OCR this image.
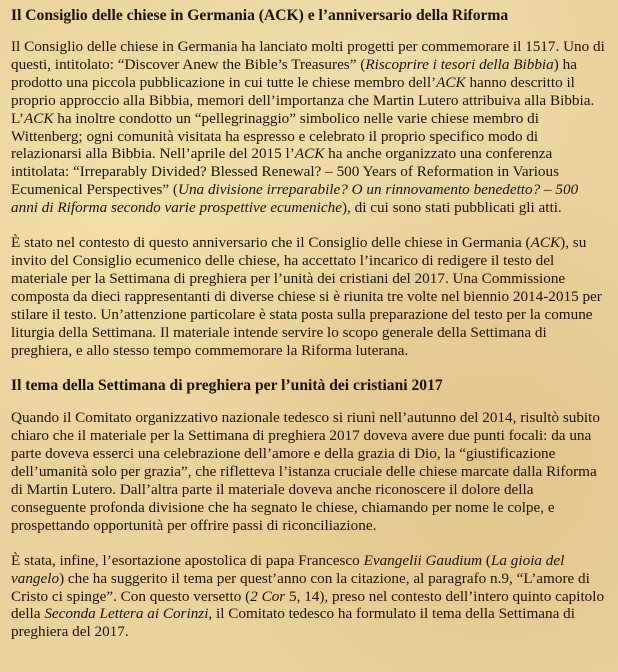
Il Consiglio delle chiese in Germania (ACK) e l’anniversario della Riforma

Il Consiglio delle chiese in Germania ha lanciato molti progetti per commemorare il 1517. Uno di questi, intitolato: “Discover Anew the Bible’s Treasures” (Riscoprire i tesori della Bibbia) ha prodotto una piccola pubblicazione in cui tutte le chiese membro dell’ACK hanno descritto il proprio approccio alla Bibbia, memori dell’importanza che Martin Lutero attribuiva alla Bibbia. L’ACK ha inoltre condotto un “pellegrinaggio” simbolico nelle varie chiese membro di Wittenberg; ogni comunità visitata ha espresso e celebrato il proprio specifico modo di relazionarsi alla Bibbia. Nell’aprile del 2015 l’ACK ha anche organizzato una conferenza intitolata: “Irreparably Divided? Blessed Renewal? – 500 Years of Reformation in Various Ecumenical Perspectives” (Una divisione irreparabile? O un rinnovamento benedetto? – 500 anni di Riforma secondo varie prospettive ecumeniche), di cui sono stati pubblicati gli atti.

È stato nel contesto di questo anniversario che il Consiglio delle chiese in Germania (ACK), su invito del Consiglio ecumenico delle chiese, ha accettato l’incarico di redigere il testo del materiale per la Settimana di preghiera per l’unità dei cristiani del 2017. Una Commissione composta da dieci rappresentanti di diverse chiese si è riunita tre volte nel biennio 2014-2015 per stilare il testo. Un’attenzione particolare è stata posta sulla preparazione del testo per la comune liturgia della Settimana. Il materiale intende servire lo scopo generale della Settimana di preghiera, e allo stesso tempo commemorare la Riforma luterana.

Il tema della Settimana di preghiera per l’unità dei cristiani 2017

Quando il Comitato organizzativo nazionale tedesco si riunì nell’autunno del 2014, risultò subito chiaro che il materiale per la Settimana di preghiera 2017 doveva avere due punti focali: da una parte doveva esserci una celebrazione dell’amore e della grazia di Dio, la “giustificazione dell’umanità solo per grazia”, che rifletteva l’istanza cruciale delle chiese marcate dalla Riforma di Martin Lutero. Dall’altra parte il materiale doveva anche riconoscere il dolore della conseguente profonda divisione che ha segnato le chiese, chiamando per nome le colpe, e prospettando opportunità per offrire passi di riconciliazione.

È stata, infine, l’esortazione apostolica di papa Francesco Evangelii Gaudium (La gioia del vangelo) che ha suggerito il tema per quest’anno con la citazione, al paragrafo n.9, “L’amore di Cristo ci spinge”. Con questo versetto (2 Cor 5, 14), preso nel contesto dell’intero quinto capitolo della Seconda Lettera ai Corinzi, il Comitato tedesco ha formulato il tema della Settimana di preghiera del 2017.
